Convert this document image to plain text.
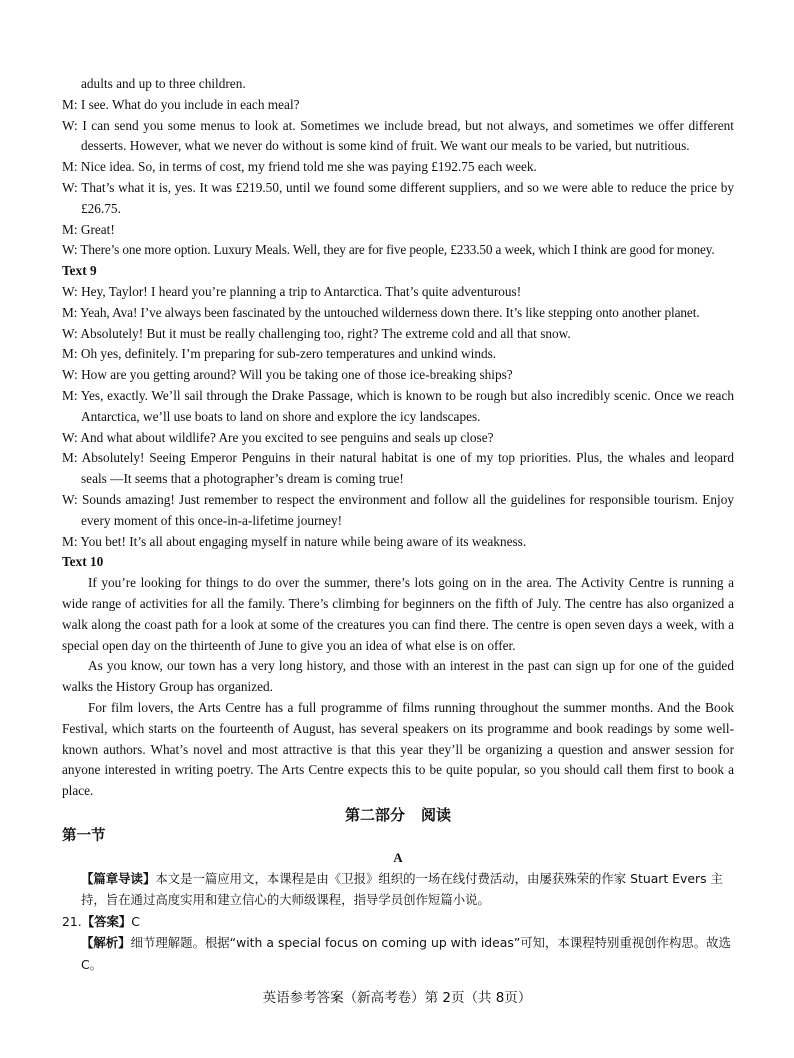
adults and up to three children.

M: I see. What do you include in each meal?

W: I can send you some menus to look at. Sometimes we include bread, but not always, and sometimes we offer different desserts. However, what we never do without is some kind of fruit. We want our meals to be varied, but nutritious.

M: Nice idea. So, in terms of cost, my friend told me she was paying £192.75 each week.

W: That’s what it is, yes. It was £219.50, until we found some different suppliers, and so we were able to reduce the price by £26.75.

M: Great!

W: There’s one more option. Luxury Meals. Well, they are for five people, £233.50 a week, which I think are good for money.

Text 9

W: Hey, Taylor! I heard you’re planning a trip to Antarctica. That’s quite adventurous!

M: Yeah, Ava! I’ve always been fascinated by the untouched wilderness down there. It’s like stepping onto another planet.

W: Absolutely! But it must be really challenging too, right? The extreme cold and all that snow.

M: Oh yes, definitely. I’m preparing for sub-zero temperatures and unkind winds.

W: How are you getting around? Will you be taking one of those ice-breaking ships?

M: Yes, exactly. We’ll sail through the Drake Passage, which is known to be rough but also incredibly scenic. Once we reach Antarctica, we’ll use boats to land on shore and explore the icy landscapes.

W: And what about wildlife? Are you excited to see penguins and seals up close?

M: Absolutely! Seeing Emperor Penguins in their natural habitat is one of my top priorities. Plus, the whales and leopard seals —It seems that a photographer’s dream is coming true!

W: Sounds amazing! Just remember to respect the environment and follow all the guidelines for responsible tourism. Enjoy every moment of this once-in-a-lifetime journey!

M: You bet! It’s all about engaging myself in nature while being aware of its weakness.

Text 10

If you’re looking for things to do over the summer, there’s lots going on in the area. The Activity Centre is running a wide range of activities for all the family. There’s climbing for beginners on the fifth of July. The centre has also organized a walk along the coast path for a look at some of the creatures you can find there. The centre is open seven days a week, with a special open day on the thirteenth of June to give you an idea of what else is on offer.

As you know, our town has a very long history, and those with an interest in the past can sign up for one of the guided walks the History Group has organized.

For film lovers, the Arts Centre has a full programme of films running throughout the summer months. And the Book Festival, which starts on the fourteenth of August, has several speakers on its programme and book readings by some well-known authors. What’s novel and most attractive is that this year they’ll be organizing a question and answer session for anyone interested in writing poetry. The Arts Centre expects this to be quite popular, so you should call them first to book a place.

第二部分 阅读

第一节

A

【篇章导读】本文是一篇应用文，本课程是由《卫报》组织的一场在线付费活动，由屡获殊荣的作家 Stuart Evers 主持，旨在通过高度实用和建立信心的大师级课程，指导学员创作短篇小说。

21.【答案】C

【解析】细节理解题。根据“with a special focus on coming up with ideas”可知，本课程特别重视创作构思。故选 C。

英语参考答案（新高考卷）第 2页（共 8页）
